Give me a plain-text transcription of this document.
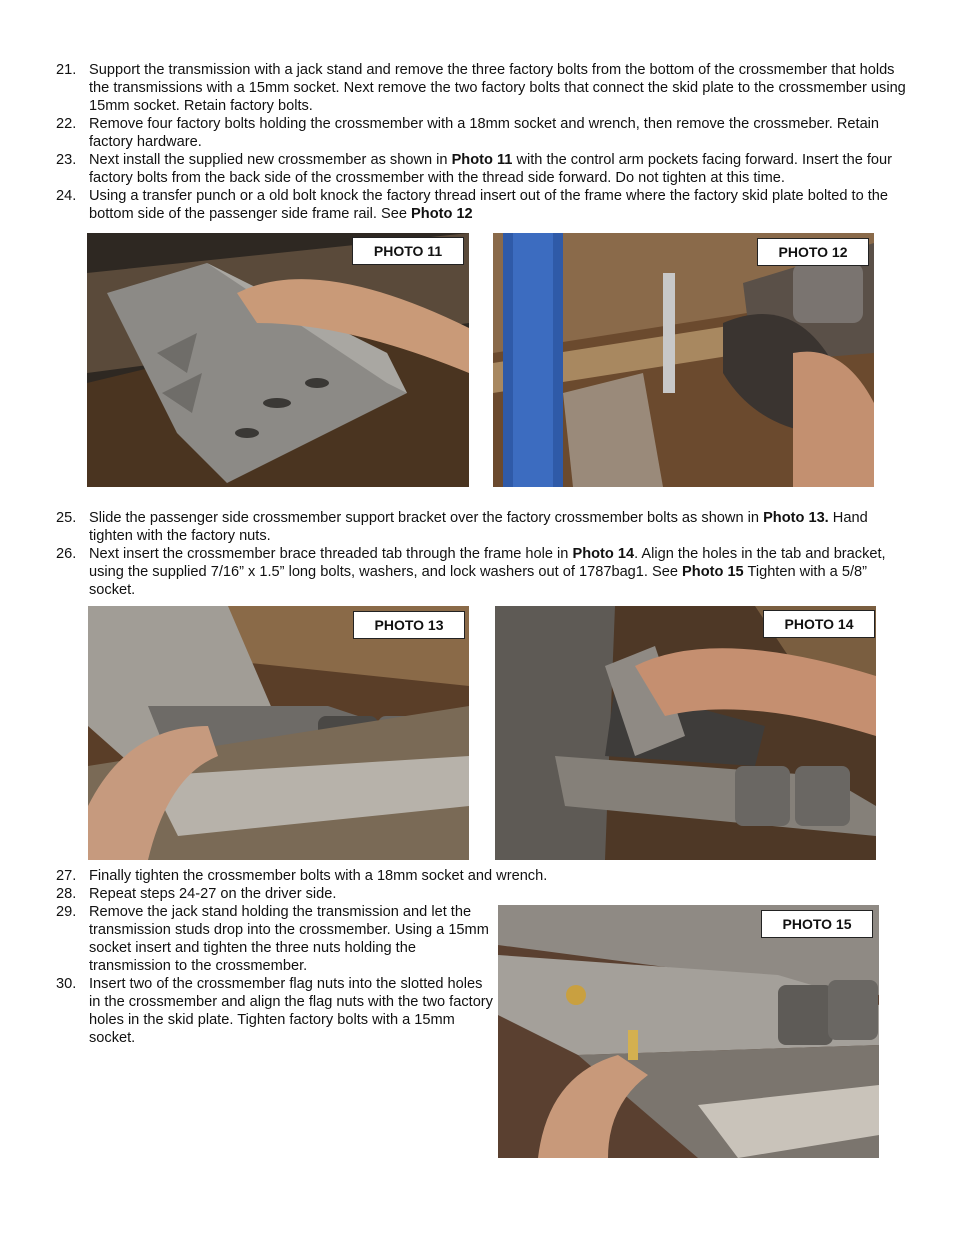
21. Support the transmission with a jack stand and remove the three factory bolts from the bottom of the crossmember that holds the transmissions with a 15mm socket. Next remove the two factory bolts that connect the skid plate to the crossmember using 15mm socket. Retain factory bolts.
22. Remove four factory bolts holding the crossmember with a 18mm socket and wrench, then remove the crossmeber. Retain factory hardware.
23. Next install the supplied new crossmember as shown in Photo 11 with the control arm pockets facing forward. Insert the four factory bolts from the back side of the crossmember with the thread side forward. Do not tighten at this time.
24. Using a transfer punch or a old bolt knock the factory thread insert out of the frame where the factory skid plate bolted to the bottom side of the passenger side frame rail. See Photo 12
PHOTO 11	PHOTO 12
25. Slide the passenger side crossmember support bracket over the factory crossmember bolts as shown in Photo 13. Hand tighten with the factory nuts.
26. Next insert the crossmember brace threaded tab through the frame hole in Photo 14. Align the holes in the tab and bracket, using the supplied 7/16” x 1.5” long bolts, washers, and lock washers out of 1787bag1. See Photo 15 Tighten with a 5/8” socket.
PHOTO 13	PHOTO 14
27. Finally tighten the crossmember bolts with a 18mm socket and wrench.
28. Repeat steps 24-27 on the driver side.
29. Remove the jack stand holding the transmission and let the transmission studs drop into the crossmember. Using a 15mm socket insert and tighten the three nuts holding the transmission to the crossmember.
30. Insert two of the crossmember flag nuts into the slotted holes in the crossmember and align the flag nuts with the two factory holes in the skid plate. Tighten factory bolts with a 15mm socket.
PHOTO 15
